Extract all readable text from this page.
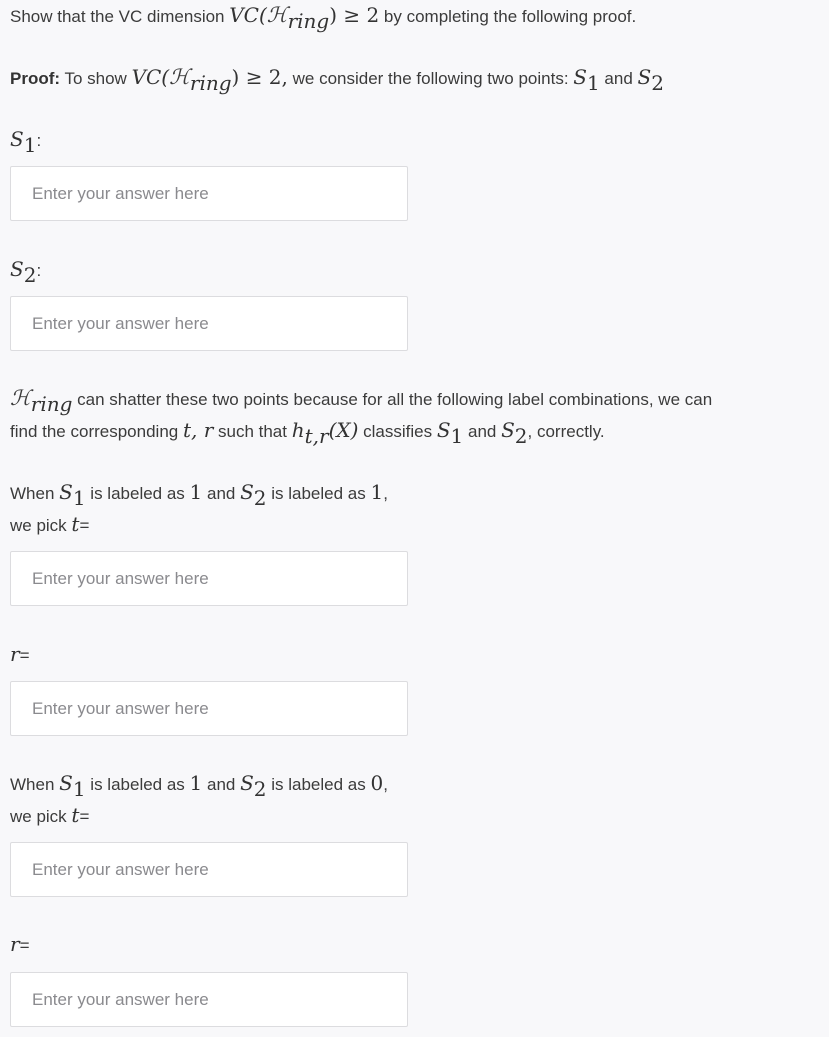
Show that the VC dimension VC(ℋ$_{ring}$) ≥ 2 by completing the following proof.
Proof: To show VC(ℋ$_{ring}$) ≥ 2, we consider the following two points: $S_1$ and $S_2$
$S_1$:
Enter your answer here
$S_2$:
Enter your answer here
ℋ$_{ring}$ can shatter these two points because for all the following label combinations, we can
find the corresponding t, r such that $h_{t,r}(X)$ classifies $S_1$ and $S_2$, correctly.
When $S_1$ is labeled as 1 and $S_2$ is labeled as 1,
we pick t=
Enter your answer here
r=
Enter your answer here
When $S_1$ is labeled as 1 and $S_2$ is labeled as 0,
we pick t=
Enter your answer here
r=
Enter your answer here
